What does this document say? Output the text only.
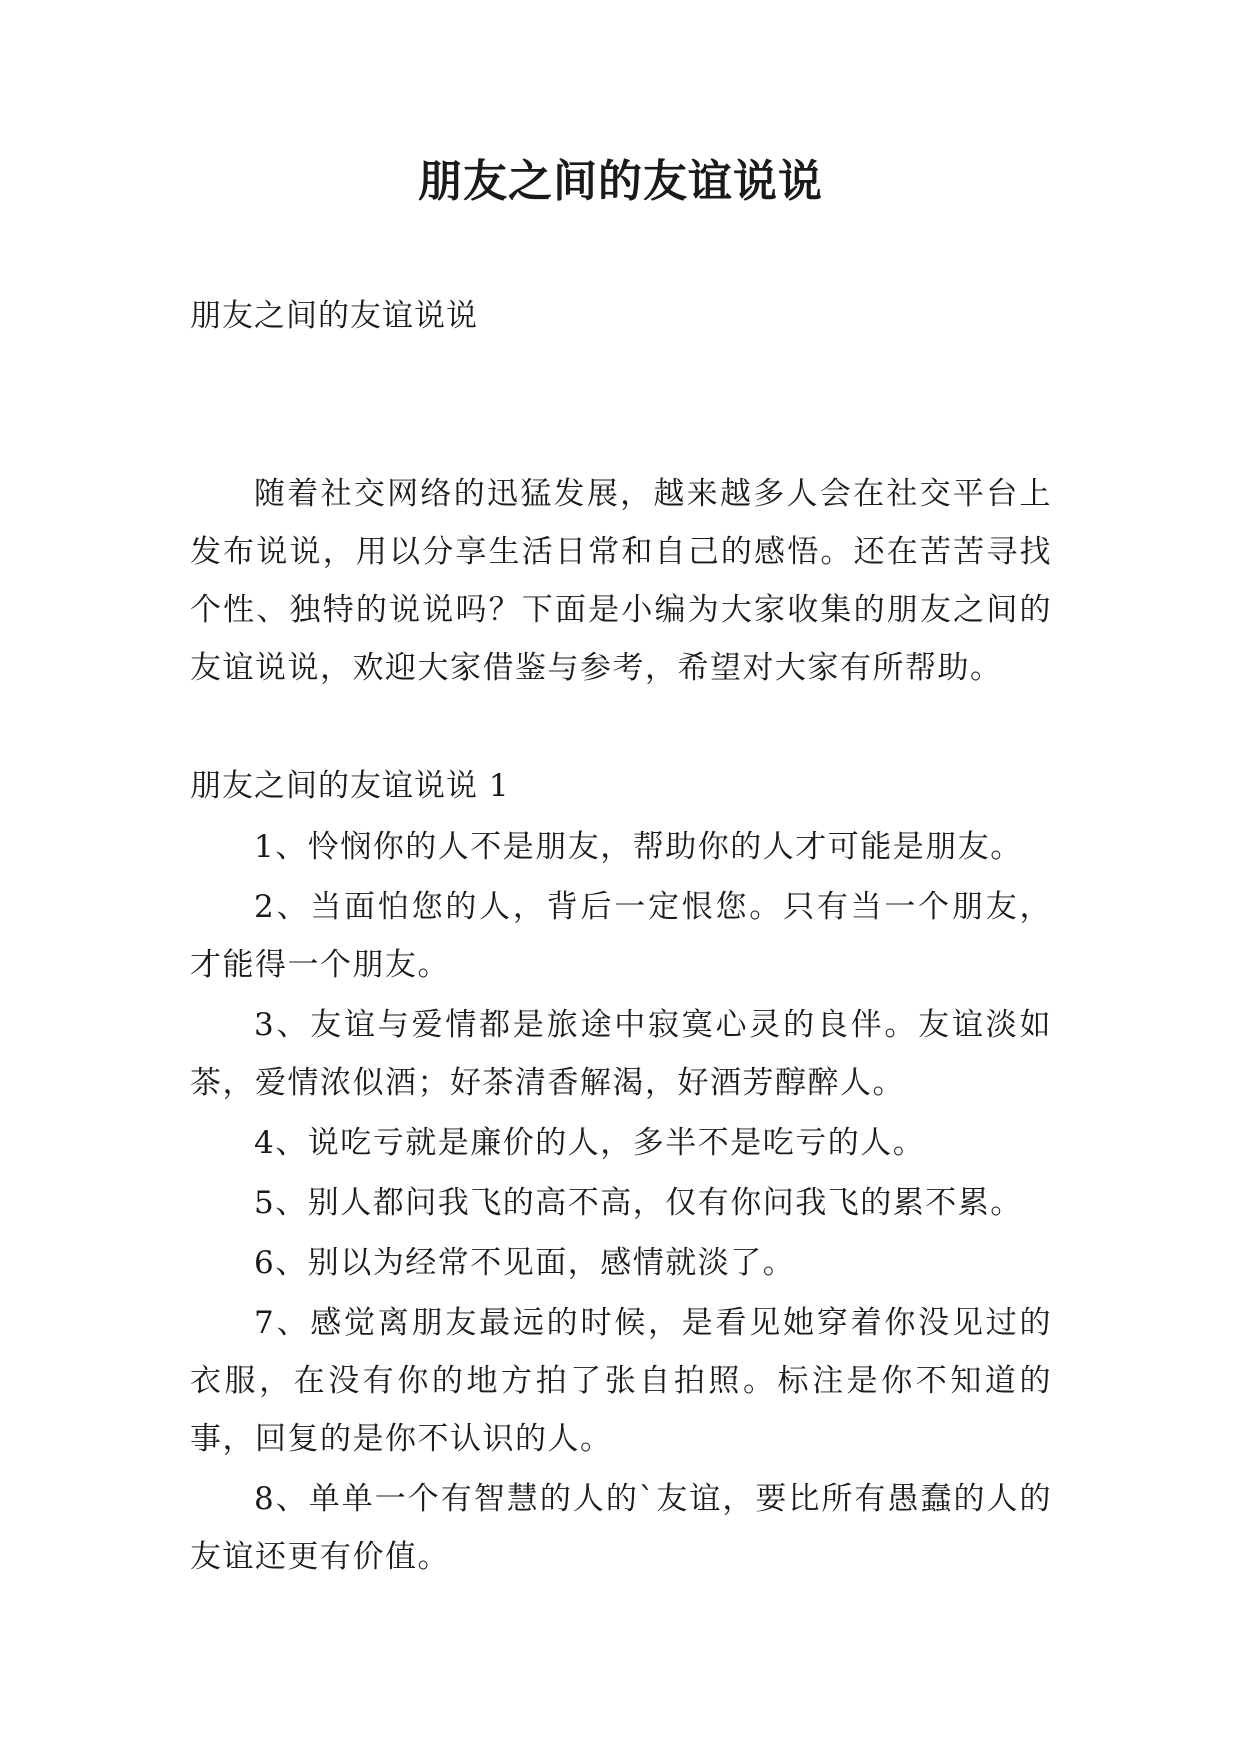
朋友之间的友谊说说
朋友之间的友谊说说

随着社交网络的迅猛发展，越来越多人会在社交平台上发布说说，用以分享生活日常和自己的感悟。还在苦苦寻找个性、独特的说说吗？下面是小编为大家收集的朋友之间的友谊说说，欢迎大家借鉴与参考，希望对大家有所帮助。

朋友之间的友谊说说 1
1、怜悯你的人不是朋友，帮助你的人才可能是朋友。
2、当面怕您的人，背后一定恨您。只有当一个朋友，才能得一个朋友。
3、友谊与爱情都是旅途中寂寞心灵的良伴。友谊淡如茶，爱情浓似酒；好茶清香解渴，好酒芳醇醉人。
4、说吃亏就是廉价的人，多半不是吃亏的人。
5、别人都问我飞的高不高，仅有你问我飞的累不累。
6、别以为经常不见面，感情就淡了。
7、感觉离朋友最远的时候，是看见她穿着你没见过的衣服，在没有你的地方拍了张自拍照。标注是你不知道的事，回复的是你不认识的人。
8、单单一个有智慧的人的`友谊，要比所有愚蠢的人的友谊还更有价值。
